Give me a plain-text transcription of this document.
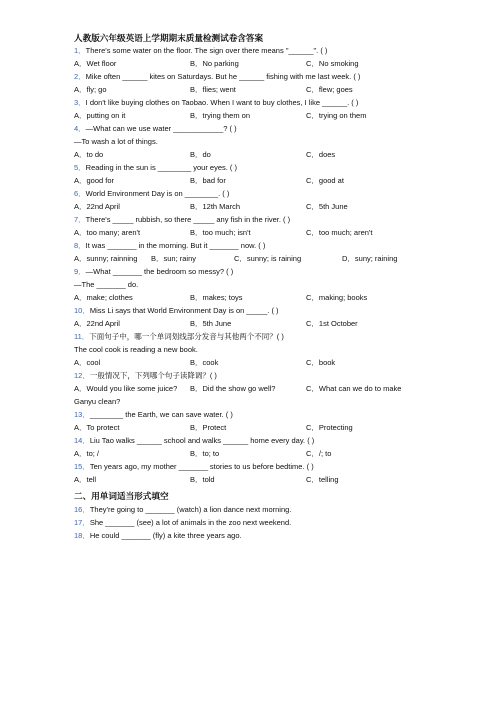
人教版六年级英语上学期期末质量检测试卷含答案
1．There's some water on the floor. The sign over there means "______". ( )
A．Wet floor	B．No parking	C．No smoking
2．Mike often ______ kites on Saturdays. But he ______ fishing with me last week. ( )
A．fly; go	B．flies; went	C．flew; goes
3．I don't like buying clothes on Taobao. When I want to buy clothes, I like ______. ( )
A．putting on it	B．trying them on	C．trying on them
4．—What can we use water ____________? ( )
—To wash a lot of things.
A．to do	B．do	C．does
5．Reading in the sun is ________ your eyes. ( )
A．good for	B．bad for	C．good at
6．World Environment Day is on ________. ( )
A．22nd April	B．12th March	C．5th June
7．There's _____ rubbish, so there _____ any fish in the river. ( )
A．too many; aren't	B．too much; isn't	C．too much; aren't
8．It was _______ in the morning. But it _______ now. ( )
A．sunny; rainning B．sun; rainy	C．sunny; is raining	D．suny; raining
9．—What _______ the bedroom so messy? ( )
—The _______ do.
A．make; clothes	B．makes; toys	C．making; books
10．Miss Li says that World Environment Day is on _____. ( )
A．22nd April	B．5th June	C．1st October
11．下面句子中，哪一个单词划线部分发音与其他两个不同？( )
The cool cook is reading a new book.
A．cool	B．cook	C．book
12．一般情况下，下列哪个句子读降调？( )
A．Would you like some juice? B．Did the show go well?	C．What can we do to make
Ganyu clean?
13．________ the Earth, we can save water. ( )
A．To protect	B．Protect	C．Protecting
14．Liu Tao walks ______ school and walks ______ home every day. ( )
A．to; /	B．to; to	C．/; to
15．Ten years ago, my mother _______ stories to us before bedtime. ( )
A．tell	B．told	C．telling
二、用单词适当形式填空
16．They're going to _______ (watch) a lion dance next morning.
17．She _______ (see) a lot of animals in the zoo next weekend.
18．He could _______ (fly) a kite three years ago.
